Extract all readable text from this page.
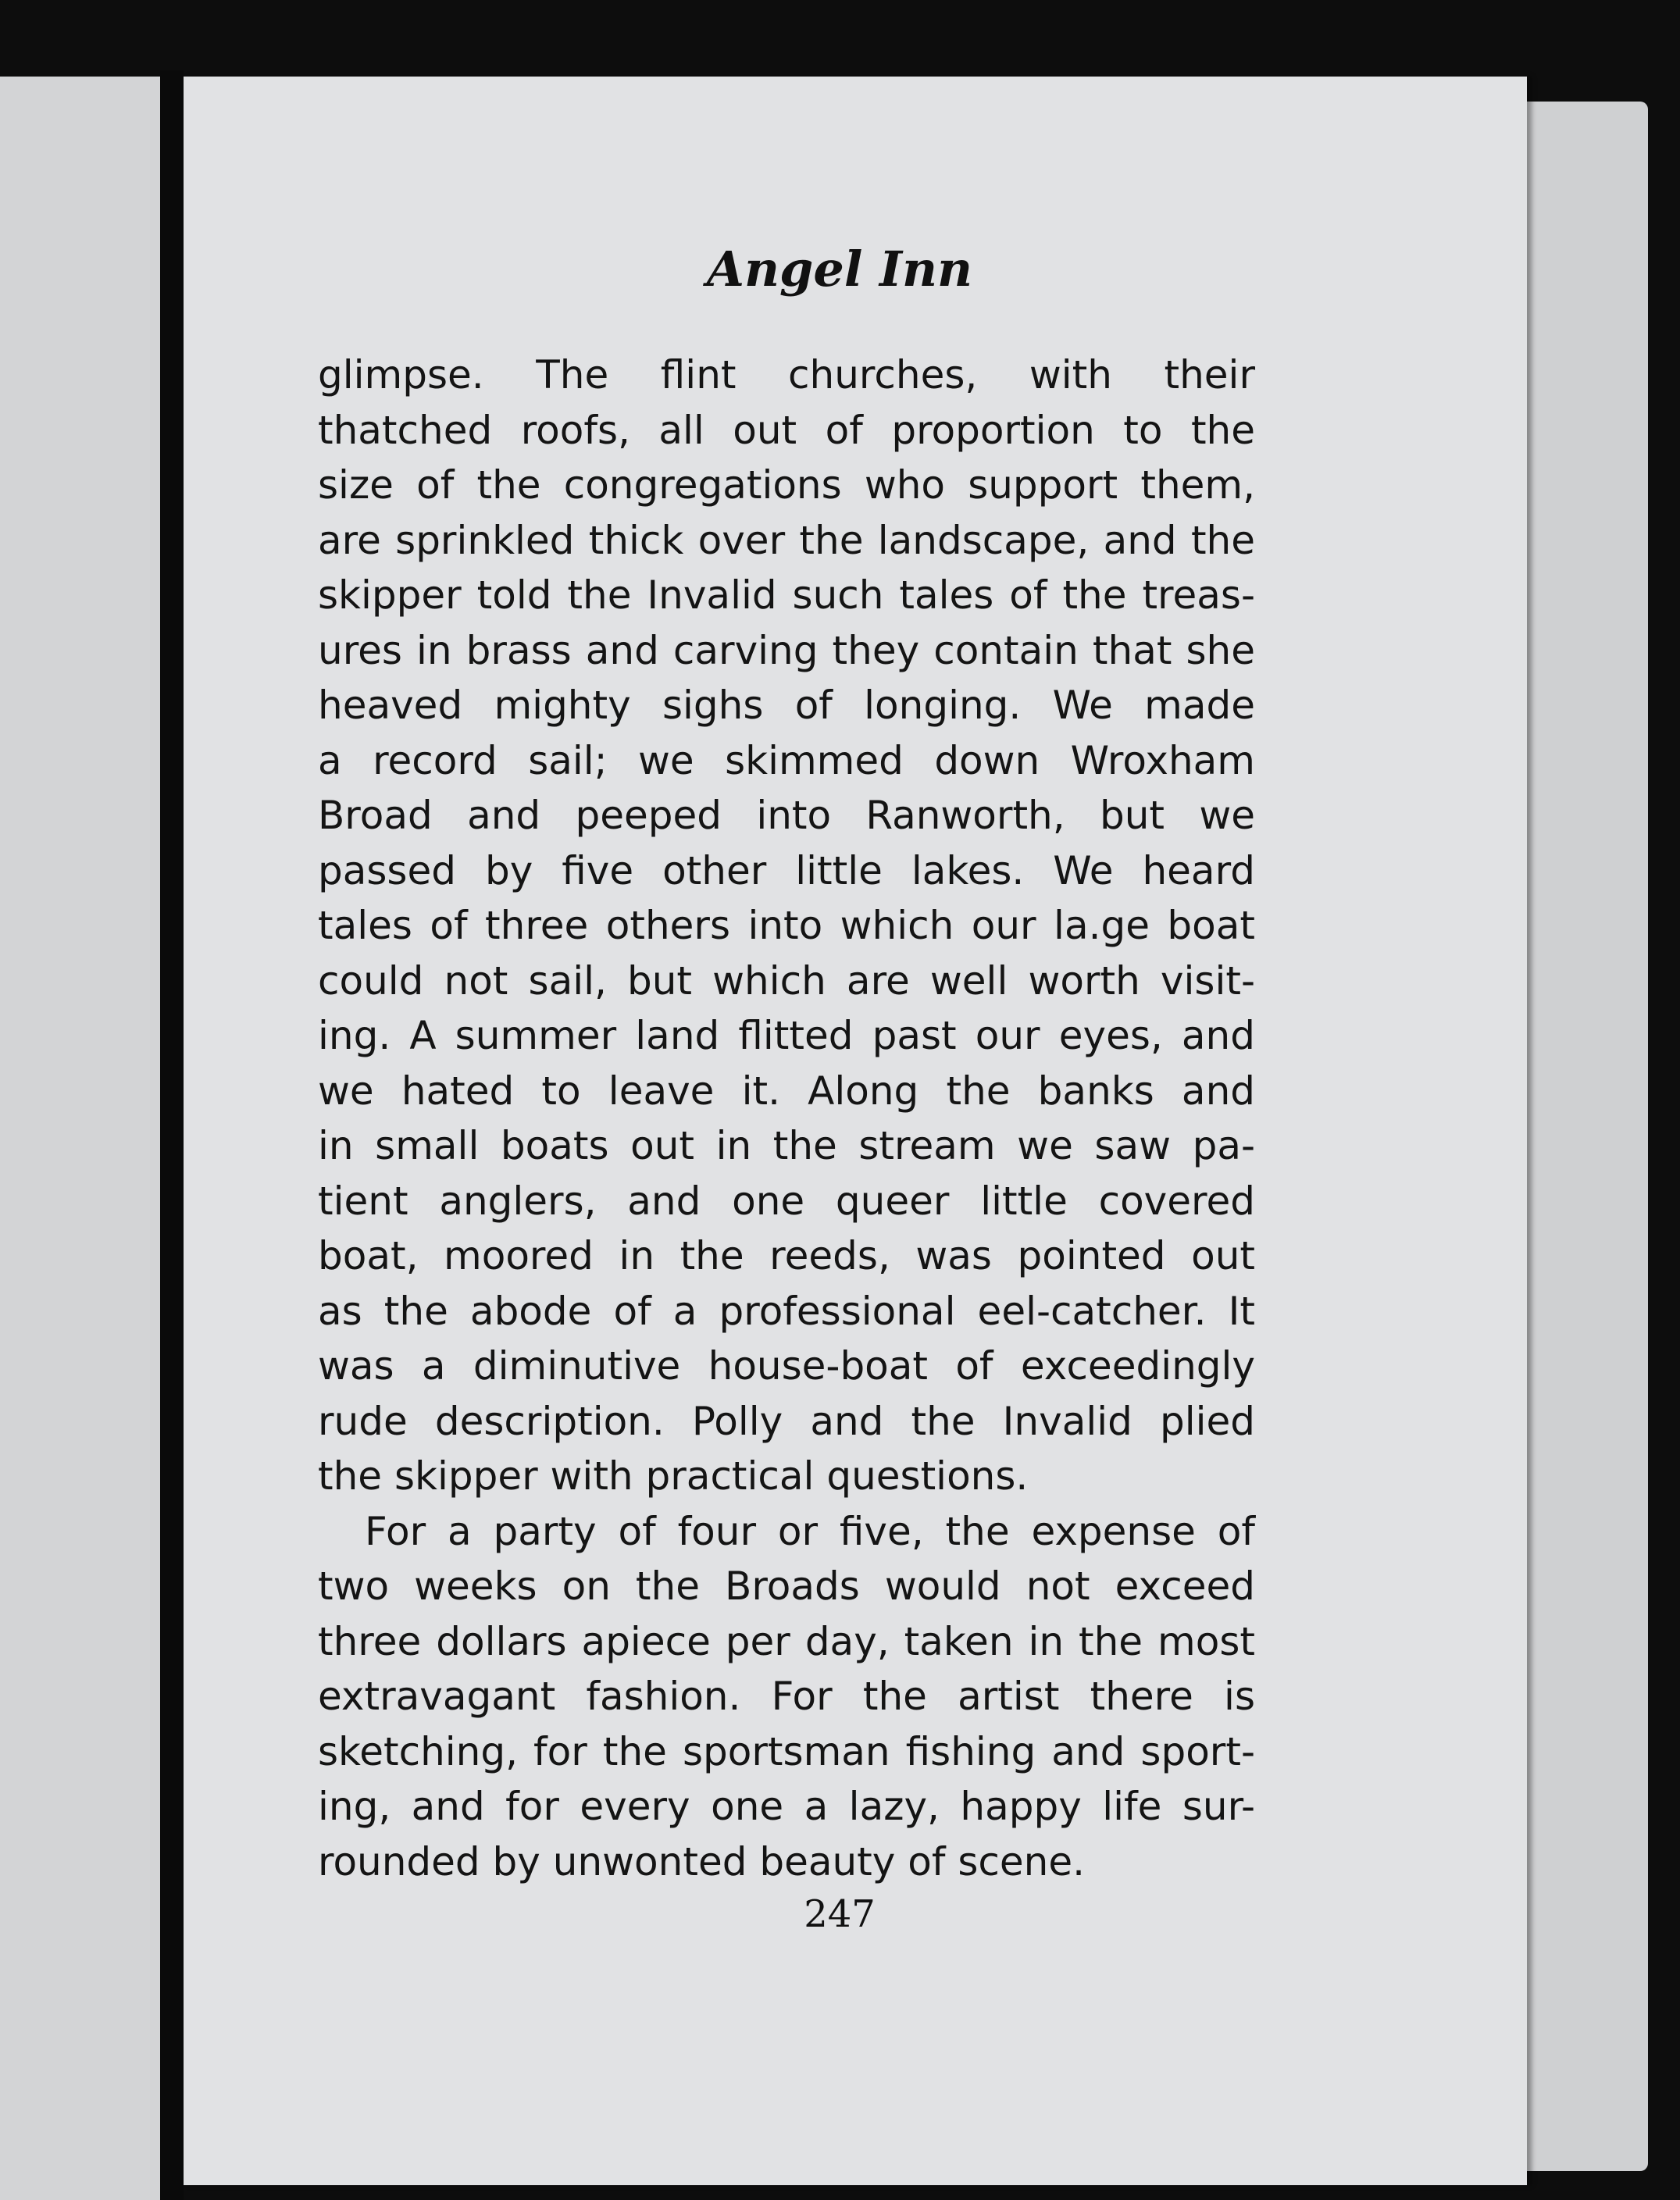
Angel Inn
glimpse. The flint churches, with their
thatched roofs, all out of proportion to the
size of the congregations who support them,
are sprinkled thick over the landscape, and the
skipper told the Invalid such tales of the treas-
ures in brass and carving they contain that she
heaved mighty sighs of longing. We made
a record sail; we skimmed down Wroxham
Broad and peeped into Ranworth, but we
passed by five other little lakes. We heard
tales of three others into which our la.ge boat
could not sail, but which are well worth visit-
ing. A summer land flitted past our eyes, and
we hated to leave it. Along the banks and
in small boats out in the stream we saw pa-
tient anglers, and one queer little covered
boat, moored in the reeds, was pointed out
as the abode of a professional eel-catcher. It
was a diminutive house-boat of exceedingly
rude description. Polly and the Invalid plied
the skipper with practical questions.
For a party of four or five, the expense of
two weeks on the Broads would not exceed
three dollars apiece per day, taken in the most
extravagant fashion. For the artist there is
sketching, for the sportsman fishing and sport-
ing, and for every one a lazy, happy life sur-
rounded by unwonted beauty of scene.
247
